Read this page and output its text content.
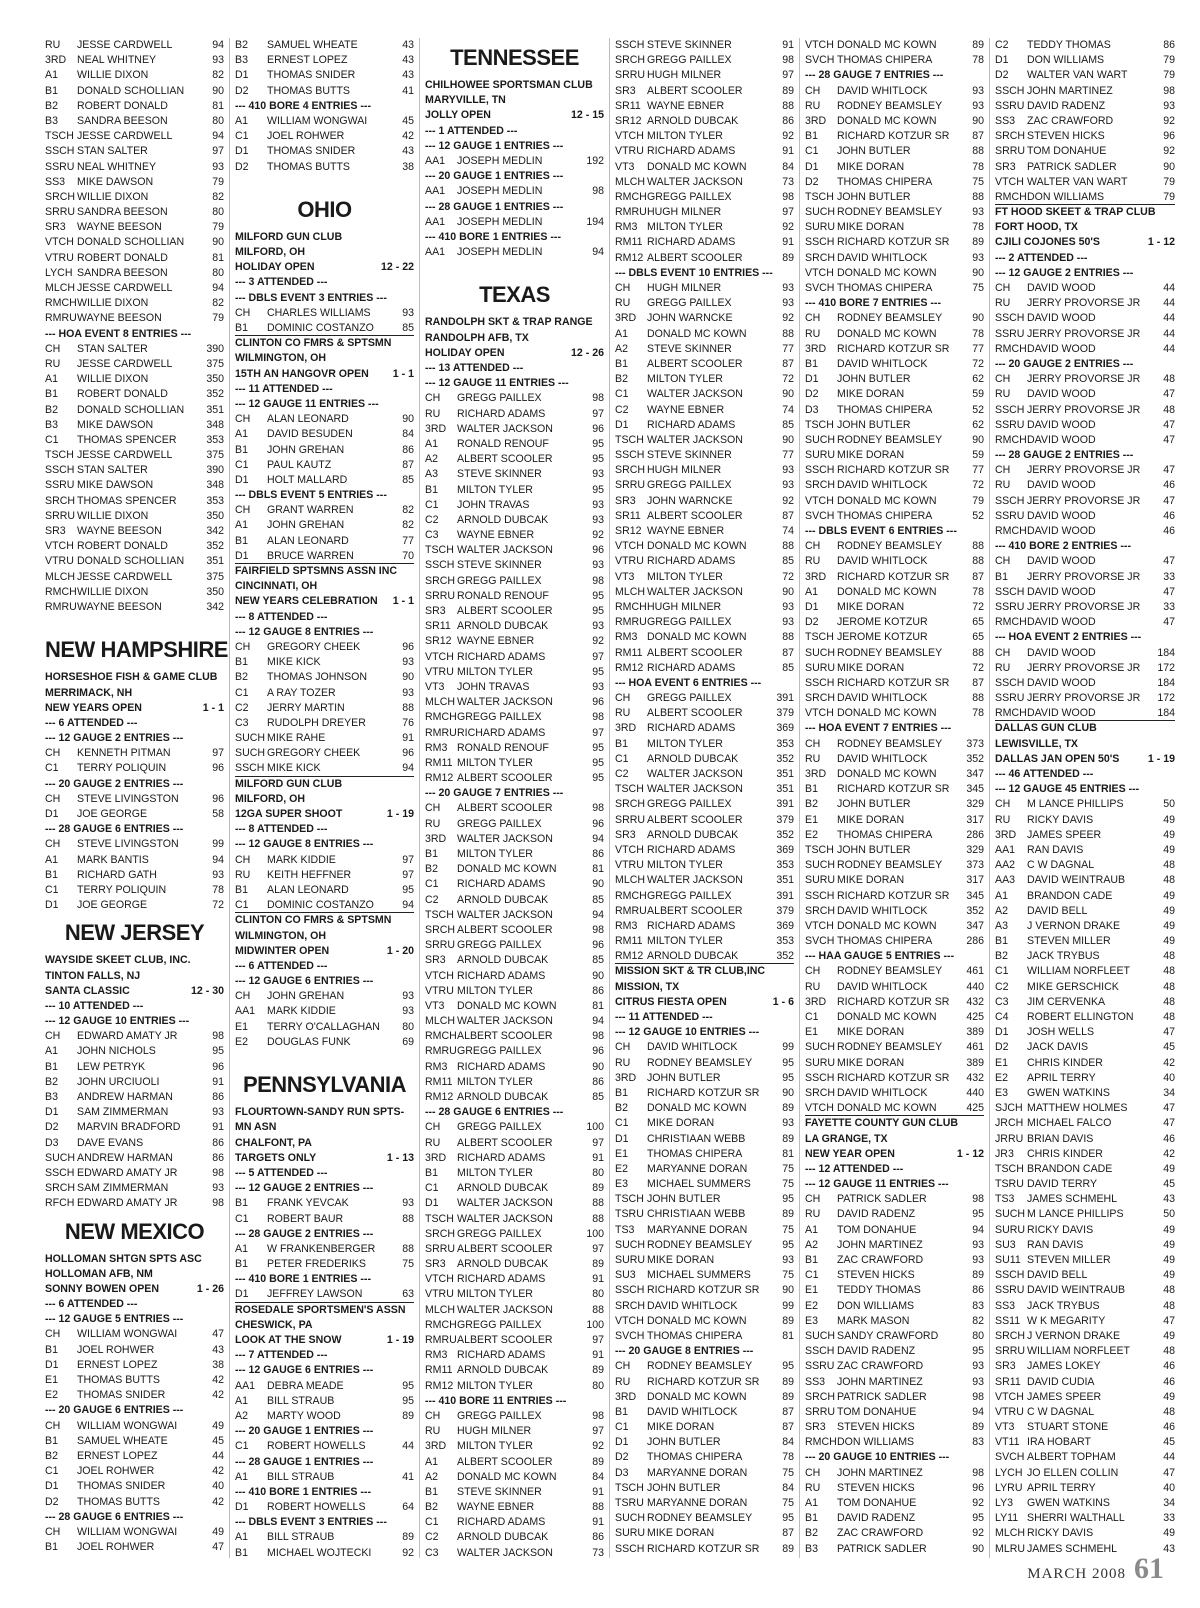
RU	JESSE CARDWELL	94
3RD	NEAL WHITNEY	93
A1	WILLIE DIXON	82
B1	DONALD SCHOLLIAN	90
B2	ROBERT DONALD	81
B3	SANDRA BEESON	80
TSCH JESSE CARDWELL	94
SSCH STAN SALTER	97
SSRU NEAL WHITNEY	93
SS3	MIKE DAWSON	79
SRCH WILLIE DIXON	82
SRRU SANDRA BEESON	80
SR3	WAYNE BEESON	79
VTCH DONALD SCHOLLIAN	90
VTRU ROBERT DONALD	81
LYCH SANDRA BEESON	80
MLCH JESSE CARDWELL	94
RMCH WILLIE DIXON	82
RMRU WAYNE BEESON	79
--- HOA EVENT 8 ENTRIES ---
CH	STAN SALTER	390
RU	JESSE CARDWELL	375
A1	WILLIE DIXON	350
B1	ROBERT DONALD	352
B2	DONALD SCHOLLIAN	351
B3	MIKE DAWSON	348
C1	THOMAS SPENCER	353
TSCH JESSE CARDWELL	375
SSCH STAN SALTER	390
SSRU MIKE DAWSON	348
SRCH THOMAS SPENCER	353
SRRU WILLIE DIXON	350
SR3	WAYNE BEESON	342
VTCH ROBERT DONALD	352
VTRU DONALD SCHOLLIAN	351
MLCH JESSE CARDWELL	375
RMCH WILLIE DIXON	350
RMRU WAYNE BEESON	342
NEW HAMPSHIRE
HORSESHOE FISH & GAME CLUB
MERRIMACK, NH
NEW YEARS OPEN	1 - 1
--- 6 ATTENDED ---
--- 12 GAUGE 2 ENTRIES ---
CH	KENNETH PITMAN	97
C1	TERRY POLIQUIN	96
--- 20 GAUGE 2 ENTRIES ---
CH	STEVE LIVINGSTON	96
D1	JOE GEORGE	58
--- 28 GAUGE 6 ENTRIES ---
CH	STEVE LIVINGSTON	99
A1	MARK BANTIS	94
B1	RICHARD GATH	93
C1	TERRY POLIQUIN	78
D1	JOE GEORGE	72
NEW JERSEY
WAYSIDE SKEET CLUB, INC.
TINTON FALLS, NJ
SANTA CLASSIC	12 - 30
--- 10 ATTENDED ---
--- 12 GAUGE 10 ENTRIES ---
CH	EDWARD AMATY JR	98
A1	JOHN NICHOLS	95
B1	LEW PETRYK	96
B2	JOHN URCIUOLI	91
B3	ANDREW HARMAN	86
D1	SAM ZIMMERMAN	93
D2	MARVIN BRADFORD	91
D3	DAVE EVANS	86
SUCH ANDREW HARMAN	86
SSCH EDWARD AMATY JR	98
SRCH SAM ZIMMERMAN	93
RFCH EDWARD AMATY JR	98
NEW MEXICO
HOLLOMAN SHTGN SPTS ASC
HOLLOMAN AFB, NM
SONNY BOWEN OPEN	1 - 26
--- 6 ATTENDED ---
--- 12 GAUGE 5 ENTRIES ---
CH	WILLIAM WONGWAI	47
B1	JOEL ROHWER	43
D1	ERNEST LOPEZ	38
E1	THOMAS BUTTS	42
E2	THOMAS SNIDER	42
--- 20 GAUGE 6 ENTRIES ---
CH	WILLIAM WONGWAI	49
B1	SAMUEL WHEATE	45
B2	ERNEST LOPEZ	44
C1	JOEL ROHWER	42
D1	THOMAS SNIDER	40
D2	THOMAS BUTTS	42
--- 28 GAUGE 6 ENTRIES ---
CH	WILLIAM WONGWAI	49
B1	JOEL ROHWER	47
B2	SAMUEL WHEATE	43
B3	ERNEST LOPEZ	43
D1	THOMAS SNIDER	43
D2	THOMAS BUTTS	41
--- 410 BORE 4 ENTRIES ---
A1	WILLIAM WONGWAI	45
C1	JOEL ROHWER	42
D1	THOMAS SNIDER	43
D2	THOMAS BUTTS	38
OHIO
MILFORD GUN CLUB
MILFORD, OH
HOLIDAY OPEN	12 - 22
--- 3 ATTENDED ---
--- DBLS EVENT 3 ENTRIES ---
CH	CHARLES WILLIAMS	93
B1	DOMINIC COSTANZO	85
CLINTON CO FMRS & SPTSMN
WILMINGTON, OH
15TH AN HANGOVR OPEN	1 - 1
--- 11 ATTENDED ---
--- 12 GAUGE 11 ENTRIES ---
CH	ALAN LEONARD	90
A1	DAVID BESUDEN	84
B1	JOHN GREHAN	86
C1	PAUL KAUTZ	87
D1	HOLT MALLARD	85
--- DBLS EVENT 5 ENTRIES ---
CH	GRANT WARREN	82
A1	JOHN GREHAN	82
B1	ALAN LEONARD	77
D1	BRUCE WARREN	70
FAIRFIELD SPTSMNS ASSN INC
CINCINNATI, OH
NEW YEARS CELEBRATION	1 - 1
--- 8 ATTENDED ---
--- 12 GAUGE 8 ENTRIES ---
CH	GREGORY CHEEK	96
B1	MIKE KICK	93
B2	THOMAS JOHNSON	90
C1	A RAY TOZER	93
C2	JERRY MARTIN	88
C3	RUDOLPH DREYER	76
SUCH MIKE RAHE	91
SUCH GREGORY CHEEK	96
SSCH MIKE KICK	94
MILFORD GUN CLUB
MILFORD, OH
12GA SUPER SHOOT	1 - 19
--- 8 ATTENDED ---
--- 12 GAUGE 8 ENTRIES ---
CH	MARK KIDDIE	97
RU	KEITH HEFFNER	97
B1	ALAN LEONARD	95
C1	DOMINIC COSTANZO	94
CLINTON CO FMRS & SPTSMN
WILMINGTON, OH
MIDWINTER OPEN	1 - 20
--- 6 ATTENDED ---
--- 12 GAUGE 6 ENTRIES ---
CH	JOHN GREHAN	93
AA1	MARK KIDDIE	93
E1	TERRY O'CALLAGHAN	80
E2	DOUGLAS FUNK	69
PENNSYLVANIA
FLOURTOWN-SANDY RUN SPTS-
MN ASN
CHALFONT, PA
TARGETS ONLY	1 - 13
--- 5 ATTENDED ---
--- 12 GAUGE 2 ENTRIES ---
B1	FRANK YEVCAK	93
C1	ROBERT BAUR	88
--- 28 GAUGE 2 ENTRIES ---
A1	W FRANKENBERGER	88
B1	PETER FREDERIKS	75
--- 410 BORE 1 ENTRIES ---
D1	JEFFREY LAWSON	63
ROSEDALE SPORTSMEN'S ASSN
CHESWICK, PA
LOOK AT THE SNOW	1 - 19
--- 7 ATTENDED ---
--- 12 GAUGE 6 ENTRIES ---
AA1	DEBRA MEADE	95
A1	BILL STRAUB	95
A2	MARTY WOOD	89
--- 20 GAUGE 1 ENTRIES ---
C1	ROBERT HOWELLS	44
--- 28 GAUGE 1 ENTRIES ---
A1	BILL STRAUB	41
--- 410 BORE 1 ENTRIES ---
D1	ROBERT HOWELLS	64
--- DBLS EVENT 3 ENTRIES ---
A1	BILL STRAUB	89
B1	MICHAEL WOJTECKI	92
TENNESSEE
CHILHOWEE SPORTSMAN CLUB
MARYVILLE, TN
JOLLY OPEN	12 - 15
--- 1 ATTENDED ---
--- 12 GAUGE 1 ENTRIES ---
AA1	JOSEPH MEDLIN	192
--- 20 GAUGE 1 ENTRIES ---
AA1	JOSEPH MEDLIN	98
--- 28 GAUGE 1 ENTRIES ---
AA1	JOSEPH MEDLIN	194
--- 410 BORE 1 ENTRIES ---
AA1	JOSEPH MEDLIN	94
TEXAS
RANDOLPH SKT & TRAP RANGE
RANDOLPH AFB, TX
HOLIDAY OPEN	12 - 26
--- 13 ATTENDED ---
--- 12 GAUGE 11 ENTRIES ---
CH	GREGG PAILLEX	98
RU	RICHARD ADAMS	97
3RD	WALTER JACKSON	96
A1	RONALD RENOUF	95
A2	ALBERT SCOOLER	95
A3	STEVE SKINNER	93
B1	MILTON TYLER	95
C1	JOHN TRAVAS	93
C2	ARNOLD DUBCAK	93
C3	WAYNE EBNER	92
TSCH WALTER JACKSON	96
SSCH STEVE SKINNER	93
SRCH GREGG PAILLEX	98
SRRU RONALD RENOUF	95
SR3	ALBERT SCOOLER	95
SR11 ARNOLD DUBCAK	93
SR12 WAYNE EBNER	92
VTCH RICHARD ADAMS	97
VTRU MILTON TYLER	95
VT3	JOHN TRAVAS	93
MLCH WALTER JACKSON	96
RMCH GREGG PAILLEX	98
RMRU RICHARD ADAMS	97
RM3 RONALD RENOUF	95
RM11 MILTON TYLER	95
RM12 ALBERT SCOOLER	95
--- 20 GAUGE 7 ENTRIES ---
CH	ALBERT SCOOLER	98
RU	GREGG PAILLEX	96
3RD	WALTER JACKSON	94
B1	MILTON TYLER	86
B2	DONALD MC KOWN	81
C1	RICHARD ADAMS	90
C2	ARNOLD DUBCAK	85
TSCH WALTER JACKSON	94
SRCH ALBERT SCOOLER	98
SRRU GREGG PAILLEX	96
SR3	ARNOLD DUBCAK	85
VTCH RICHARD ADAMS	90
VTRU MILTON TYLER	86
VT3	DONALD MC KOWN	81
MLCH WALTER JACKSON	94
RMCH ALBERT SCOOLER	98
RMRU GREGG PAILLEX	96
RM3 RICHARD ADAMS	90
RM11 MILTON TYLER	86
RM12 ARNOLD DUBCAK	85
--- 28 GAUGE 6 ENTRIES ---
CH	GREGG PAILLEX	100
RU	ALBERT SCOOLER	97
3RD	RICHARD ADAMS	91
B1	MILTON TYLER	80
C1	ARNOLD DUBCAK	89
D1	WALTER JACKSON	88
TSCH WALTER JACKSON	88
SRCH GREGG PAILLEX	100
SRRU ALBERT SCOOLER	97
SR3	ARNOLD DUBCAK	89
VTCH RICHARD ADAMS	91
VTRU MILTON TYLER	80
MLCH WALTER JACKSON	88
RMCH GREGG PAILLEX	100
RMRU ALBERT SCOOLER	97
RM3 RICHARD ADAMS	91
RM11 ARNOLD DUBCAK	89
RM12 MILTON TYLER	80
--- 410 BORE 11 ENTRIES ---
CH	GREGG PAILLEX	98
RU	HUGH MILNER	97
3RD	MILTON TYLER	92
A1	ALBERT SCOOLER	89
A2	DONALD MC KOWN	84
B1	STEVE SKINNER	91
B2	WAYNE EBNER	88
C1	RICHARD ADAMS	91
C2	ARNOLD DUBCAK	86
C3	WALTER JACKSON	73
SSCH STEVE SKINNER	91
SRCH GREGG PAILLEX	98
SRRU HUGH MILNER	97
SR3	ALBERT SCOOLER	89
SR11 WAYNE EBNER	88
SR12 ARNOLD DUBCAK	86
VTCH MILTON TYLER	92
VTRU RICHARD ADAMS	91
VT3	DONALD MC KOWN	84
MLCH WALTER JACKSON	73
RMCH GREGG PAILLEX	98
RMRU HUGH MILNER	97
RM3 MILTON TYLER	92
RM11 RICHARD ADAMS	91
RM12 ALBERT SCOOLER	89
--- DBLS EVENT 10 ENTRIES ---
CH	HUGH MILNER	93
RU	GREGG PAILLEX	93
3RD	JOHN WARNCKE	92
A1	DONALD MC KOWN	88
A2	STEVE SKINNER	77
B1	ALBERT SCOOLER	87
B2	MILTON TYLER	72
C1	WALTER JACKSON	90
C2	WAYNE EBNER	74
D1	RICHARD ADAMS	85
TSCH WALTER JACKSON	90
SSCH STEVE SKINNER	77
SRCH HUGH MILNER	93
SRRU GREGG PAILLEX	93
SR3	JOHN WARNCKE	92
SR11 ALBERT SCOOLER	87
SR12 WAYNE EBNER	74
VTCH DONALD MC KOWN	88
VTRU RICHARD ADAMS	85
VT3	MILTON TYLER	72
MLCH WALTER JACKSON	90
RMCH HUGH MILNER	93
RMRU GREGG PAILLEX	93
RM3 DONALD MC KOWN	88
RM11 ALBERT SCOOLER	87
RM12 RICHARD ADAMS	85
--- HOA EVENT 6 ENTRIES ---
CH	GREGG PAILLEX	391
RU	ALBERT SCOOLER	379
3RD	RICHARD ADAMS	369
B1	MILTON TYLER	353
C1	ARNOLD DUBCAK	352
C2	WALTER JACKSON	351
TSCH WALTER JACKSON	351
SRCH GREGG PAILLEX	391
SRRU ALBERT SCOOLER	379
SR3	ARNOLD DUBCAK	352
VTCH RICHARD ADAMS	369
VTRU MILTON TYLER	353
MLCH WALTER JACKSON	351
RMCH GREGG PAILLEX	391
RMRU ALBERT SCOOLER	379
RM3 RICHARD ADAMS	369
RM11 MILTON TYLER	353
RM12 ARNOLD DUBCAK	352
MISSION SKT & TR CLUB,INC
MISSION, TX
CITRUS FIESTA OPEN	1 - 6
--- 11 ATTENDED ---
--- 12 GAUGE 10 ENTRIES ---
CH	DAVID WHITLOCK	99
RU	RODNEY BEAMSLEY	95
3RD	JOHN BUTLER	95
B1	RICHARD KOTZUR SR	90
B2	DONALD MC KOWN	89
C1	MIKE DORAN	93
D1	CHRISTIAAN WEBB	89
E1	THOMAS CHIPERA	81
E2	MARYANNE DORAN	75
E3	MICHAEL SUMMERS	75
TSCH JOHN BUTLER	95
TSRU CHRISTIAAN WEBB	89
TS3	MARYANNE DORAN	75
SUCH RODNEY BEAMSLEY	95
SURU MIKE DORAN	93
SU3	MICHAEL SUMMERS	75
SSCH RICHARD KOTZUR SR	90
SRCH DAVID WHITLOCK	99
VTCH DONALD MC KOWN	89
SVCH THOMAS CHIPERA	81
--- 20 GAUGE 8 ENTRIES ---
CH	RODNEY BEAMSLEY	95
RU	RICHARD KOTZUR SR	89
3RD	DONALD MC KOWN	89
B1	DAVID WHITLOCK	87
C1	MIKE DORAN	87
D1	JOHN BUTLER	84
D2	THOMAS CHIPERA	78
D3	MARYANNE DORAN	75
TSCH JOHN BUTLER	84
TSRU MARYANNE DORAN	75
SUCH RODNEY BEAMSLEY	95
SURU MIKE DORAN	87
SSCH RICHARD KOTZUR SR	89
VTCH DONALD MC KOWN	89
SVCH THOMAS CHIPERA	78
--- 28 GAUGE 7 ENTRIES ---
CH	DAVID WHITLOCK	93
RU	RODNEY BEAMSLEY	93
3RD	DONALD MC KOWN	90
B1	RICHARD KOTZUR SR	87
C1	JOHN BUTLER	88
D1	MIKE DORAN	78
D2	THOMAS CHIPERA	75
TSCH JOHN BUTLER	88
SUCH RODNEY BEAMSLEY	93
SURU MIKE DORAN	78
SSCH RICHARD KOTZUR SR	89
SRCH DAVID WHITLOCK	93
VTCH DONALD MC KOWN	90
SVCH THOMAS CHIPERA	75
--- 410 BORE 7 ENTRIES ---
CH	RODNEY BEAMSLEY	90
RU	DONALD MC KOWN	78
3RD	RICHARD KOTZUR SR	77
B1	DAVID WHITLOCK	72
D1	JOHN BUTLER	62
D2	MIKE DORAN	59
D3	THOMAS CHIPERA	52
TSCH JOHN BUTLER	62
SUCH RODNEY BEAMSLEY	90
SURU MIKE DORAN	59
SSCH RICHARD KOTZUR SR	77
SRCH DAVID WHITLOCK	72
VTCH DONALD MC KOWN	79
SVCH THOMAS CHIPERA	52
--- DBLS EVENT 6 ENTRIES ---
CH	RODNEY BEAMSLEY	88
RU	DAVID WHITLOCK	88
3RD	RICHARD KOTZUR SR	87
A1	DONALD MC KOWN	78
D1	MIKE DORAN	72
D2	JEROME KOTZUR	65
TSCH JEROME KOTZUR	65
SUCH RODNEY BEAMSLEY	88
SURU MIKE DORAN	72
SSCH RICHARD KOTZUR SR	87
SRCH DAVID WHITLOCK	88
VTCH DONALD MC KOWN	78
--- HOA EVENT 7 ENTRIES ---
CH	RODNEY BEAMSLEY	373
RU	DAVID WHITLOCK	352
3RD	DONALD MC KOWN	347
B1	RICHARD KOTZUR SR	345
B2	JOHN BUTLER	329
E1	MIKE DORAN	317
E2	THOMAS CHIPERA	286
TSCH JOHN BUTLER	329
SUCH RODNEY BEAMSLEY	373
SURU MIKE DORAN	317
SSCH RICHARD KOTZUR SR	345
SRCH DAVID WHITLOCK	352
VTCH DONALD MC KOWN	347
SVCH THOMAS CHIPERA	286
--- HAA GAUGE 5 ENTRIES ---
CH	RODNEY BEAMSLEY	461
RU	DAVID WHITLOCK	440
3RD	RICHARD KOTZUR SR	432
C1	DONALD MC KOWN	425
E1	MIKE DORAN	389
SUCH RODNEY BEAMSLEY	461
SURU MIKE DORAN	389
SSCH RICHARD KOTZUR SR	432
SRCH DAVID WHITLOCK	440
VTCH DONALD MC KOWN	425
FAYETTE COUNTY GUN CLUB
LA GRANGE, TX
NEW YEAR OPEN	1 - 12
--- 12 ATTENDED ---
--- 12 GAUGE 11 ENTRIES ---
CH	PATRICK SADLER	98
RU	DAVID RADENZ	95
A1	TOM DONAHUE	94
A2	JOHN MARTINEZ	93
B1	ZAC CRAWFORD	93
C1	STEVEN HICKS	89
E1	TEDDY THOMAS	86
E2	DON WILLIAMS	83
E3	MARK MASON	82
SUCH SANDY CRAWFORD	80
SSCH DAVID RADENZ	95
SSRU ZAC CRAWFORD	93
SS3	JOHN MARTINEZ	93
SRCH PATRICK SADLER	98
SRRU TOM DONAHUE	94
SR3	STEVEN HICKS	89
RMCH DON WILLIAMS	83
--- 20 GAUGE 10 ENTRIES ---
CH	JOHN MARTINEZ	98
RU	STEVEN HICKS	96
A1	TOM DONAHUE	92
B1	DAVID RADENZ	95
B2	ZAC CRAWFORD	92
B3	PATRICK SADLER	90
C2	TEDDY THOMAS	86
D1	DON WILLIAMS	79
D2	WALTER VAN WART	79
SSCH JOHN MARTINEZ	98
SSRU DAVID RADENZ	93
SS3	ZAC CRAWFORD	92
SRCH STEVEN HICKS	96
SRRU TOM DONAHUE	92
SR3	PATRICK SADLER	90
VTCH WALTER VAN WART	79
RMCH DON WILLIAMS	79
FT HOOD SKEET & TRAP CLUB
FORT HOOD, TX
CJILI COJONES 50'S	1 - 12
--- 2 ATTENDED ---
--- 12 GAUGE 2 ENTRIES ---
CH	DAVID WOOD	44
RU	JERRY PROVORSE JR	44
SSCH DAVID WOOD	44
SSRU JERRY PROVORSE JR	44
RMCH DAVID WOOD	44
--- 20 GAUGE 2 ENTRIES ---
CH	JERRY PROVORSE JR	48
RU	DAVID WOOD	47
SSCH JERRY PROVORSE JR	48
SSRU DAVID WOOD	47
RMCH DAVID WOOD	47
--- 28 GAUGE 2 ENTRIES ---
CH	JERRY PROVORSE JR	47
RU	DAVID WOOD	46
SSCH JERRY PROVORSE JR	47
SSRU DAVID WOOD	46
RMCH DAVID WOOD	46
--- 410 BORE 2 ENTRIES ---
CH	DAVID WOOD	47
B1	JERRY PROVORSE JR	33
SSCH DAVID WOOD	47
SSRU JERRY PROVORSE JR	33
RMCH DAVID WOOD	47
--- HOA EVENT 2 ENTRIES ---
CH	DAVID WOOD	184
RU	JERRY PROVORSE JR	172
SSCH DAVID WOOD	184
SSRU JERRY PROVORSE JR	172
RMCH DAVID WOOD	184
DALLAS GUN CLUB
LEWISVILLE, TX
DALLAS JAN OPEN 50'S	1 - 19
--- 46 ATTENDED ---
--- 12 GAUGE 45 ENTRIES ---
CH	M LANCE PHILLIPS	50
RU	RICKY DAVIS	49
3RD	JAMES SPEER	49
AA1	RAN DAVIS	49
AA2	C W DAGNAL	48
AA3	DAVID WEINTRAUB	48
A1	BRANDON CADE	49
A2	DAVID BELL	49
A3	J VERNON DRAKE	49
B1	STEVEN MILLER	49
B2	JACK TRYBUS	48
C1	WILLIAM NORFLEET	48
C2	MIKE GERSCHICK	48
C3	JIM CERVENKA	48
C4	ROBERT ELLINGTON	48
D1	JOSH WELLS	47
D2	JACK DAVIS	45
E1	CHRIS KINDER	42
E2	APRIL TERRY	40
E3	GWEN WATKINS	34
SJCH MATTHEW HOLMES	47
JRCH MICHAEL FALCO	47
JRRU BRIAN DAVIS	46
JR3	CHRIS KINDER	42
TSCH BRANDON CADE	49
TSRU DAVID TERRY	45
TS3	JAMES SCHMEHL	43
SUCH M LANCE PHILLIPS	50
SURU RICKY DAVIS	49
SU3	RAN DAVIS	49
SU11 STEVEN MILLER	49
SSCH DAVID BELL	49
SSRU DAVID WEINTRAUB	48
SS3	JACK TRYBUS	48
SS11 W K MEGARITY	47
SRCH J VERNON DRAKE	49
SRRU WILLIAM NORFLEET	48
SR3	JAMES LOKEY	46
SR11 DAVID CUDIA	46
VTCH JAMES SPEER	49
VTRU C W DAGNAL	48
VT3	STUART STONE	46
VT11 IRA HOBART	45
SVCH ALBERT TOPHAM	44
LYCH JO ELLEN COLLIN	47
LYRU APRIL TERRY	40
LY3	GWEN WATKINS	34
LY11 SHERRI WALTHALL	33
MLCH RICKY DAVIS	49
MLRU JAMES SCHMEHL	43
MARCH 2008 61
